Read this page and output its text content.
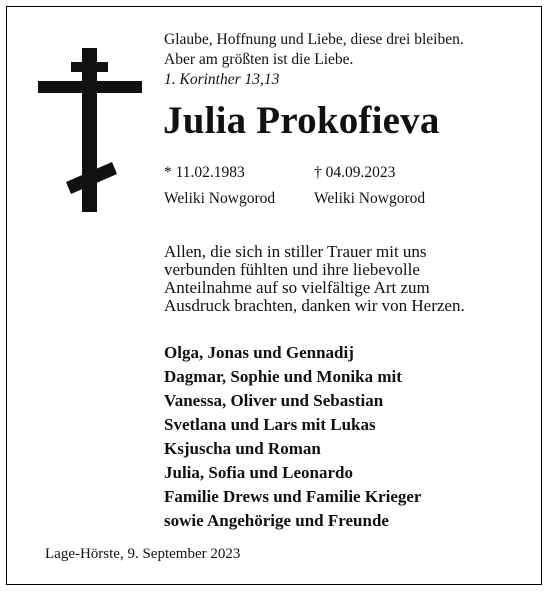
Glaube, Hoffnung und Liebe, diese drei bleiben.
Aber am größten ist die Liebe.
1. Korinther 13,13
Julia Prokofieva
* 11.02.1983
Weliki Nowgorod
† 04.09.2023
Weliki Nowgorod
Allen, die sich in stiller Trauer mit uns
verbunden fühlten und ihre liebevolle
Anteilnahme auf so vielfältige Art zum
Ausdruck brachten, danken wir von Herzen.
Olga, Jonas und Gennadij
Dagmar, Sophie und Monika mit
Vanessa, Oliver und Sebastian
Svetlana und Lars mit Lukas
Ksjuscha und Roman
Julia, Sofia und Leonardo
Familie Drews und Familie Krieger
sowie Angehörige und Freunde
Lage-Hörste, 9. September 2023
